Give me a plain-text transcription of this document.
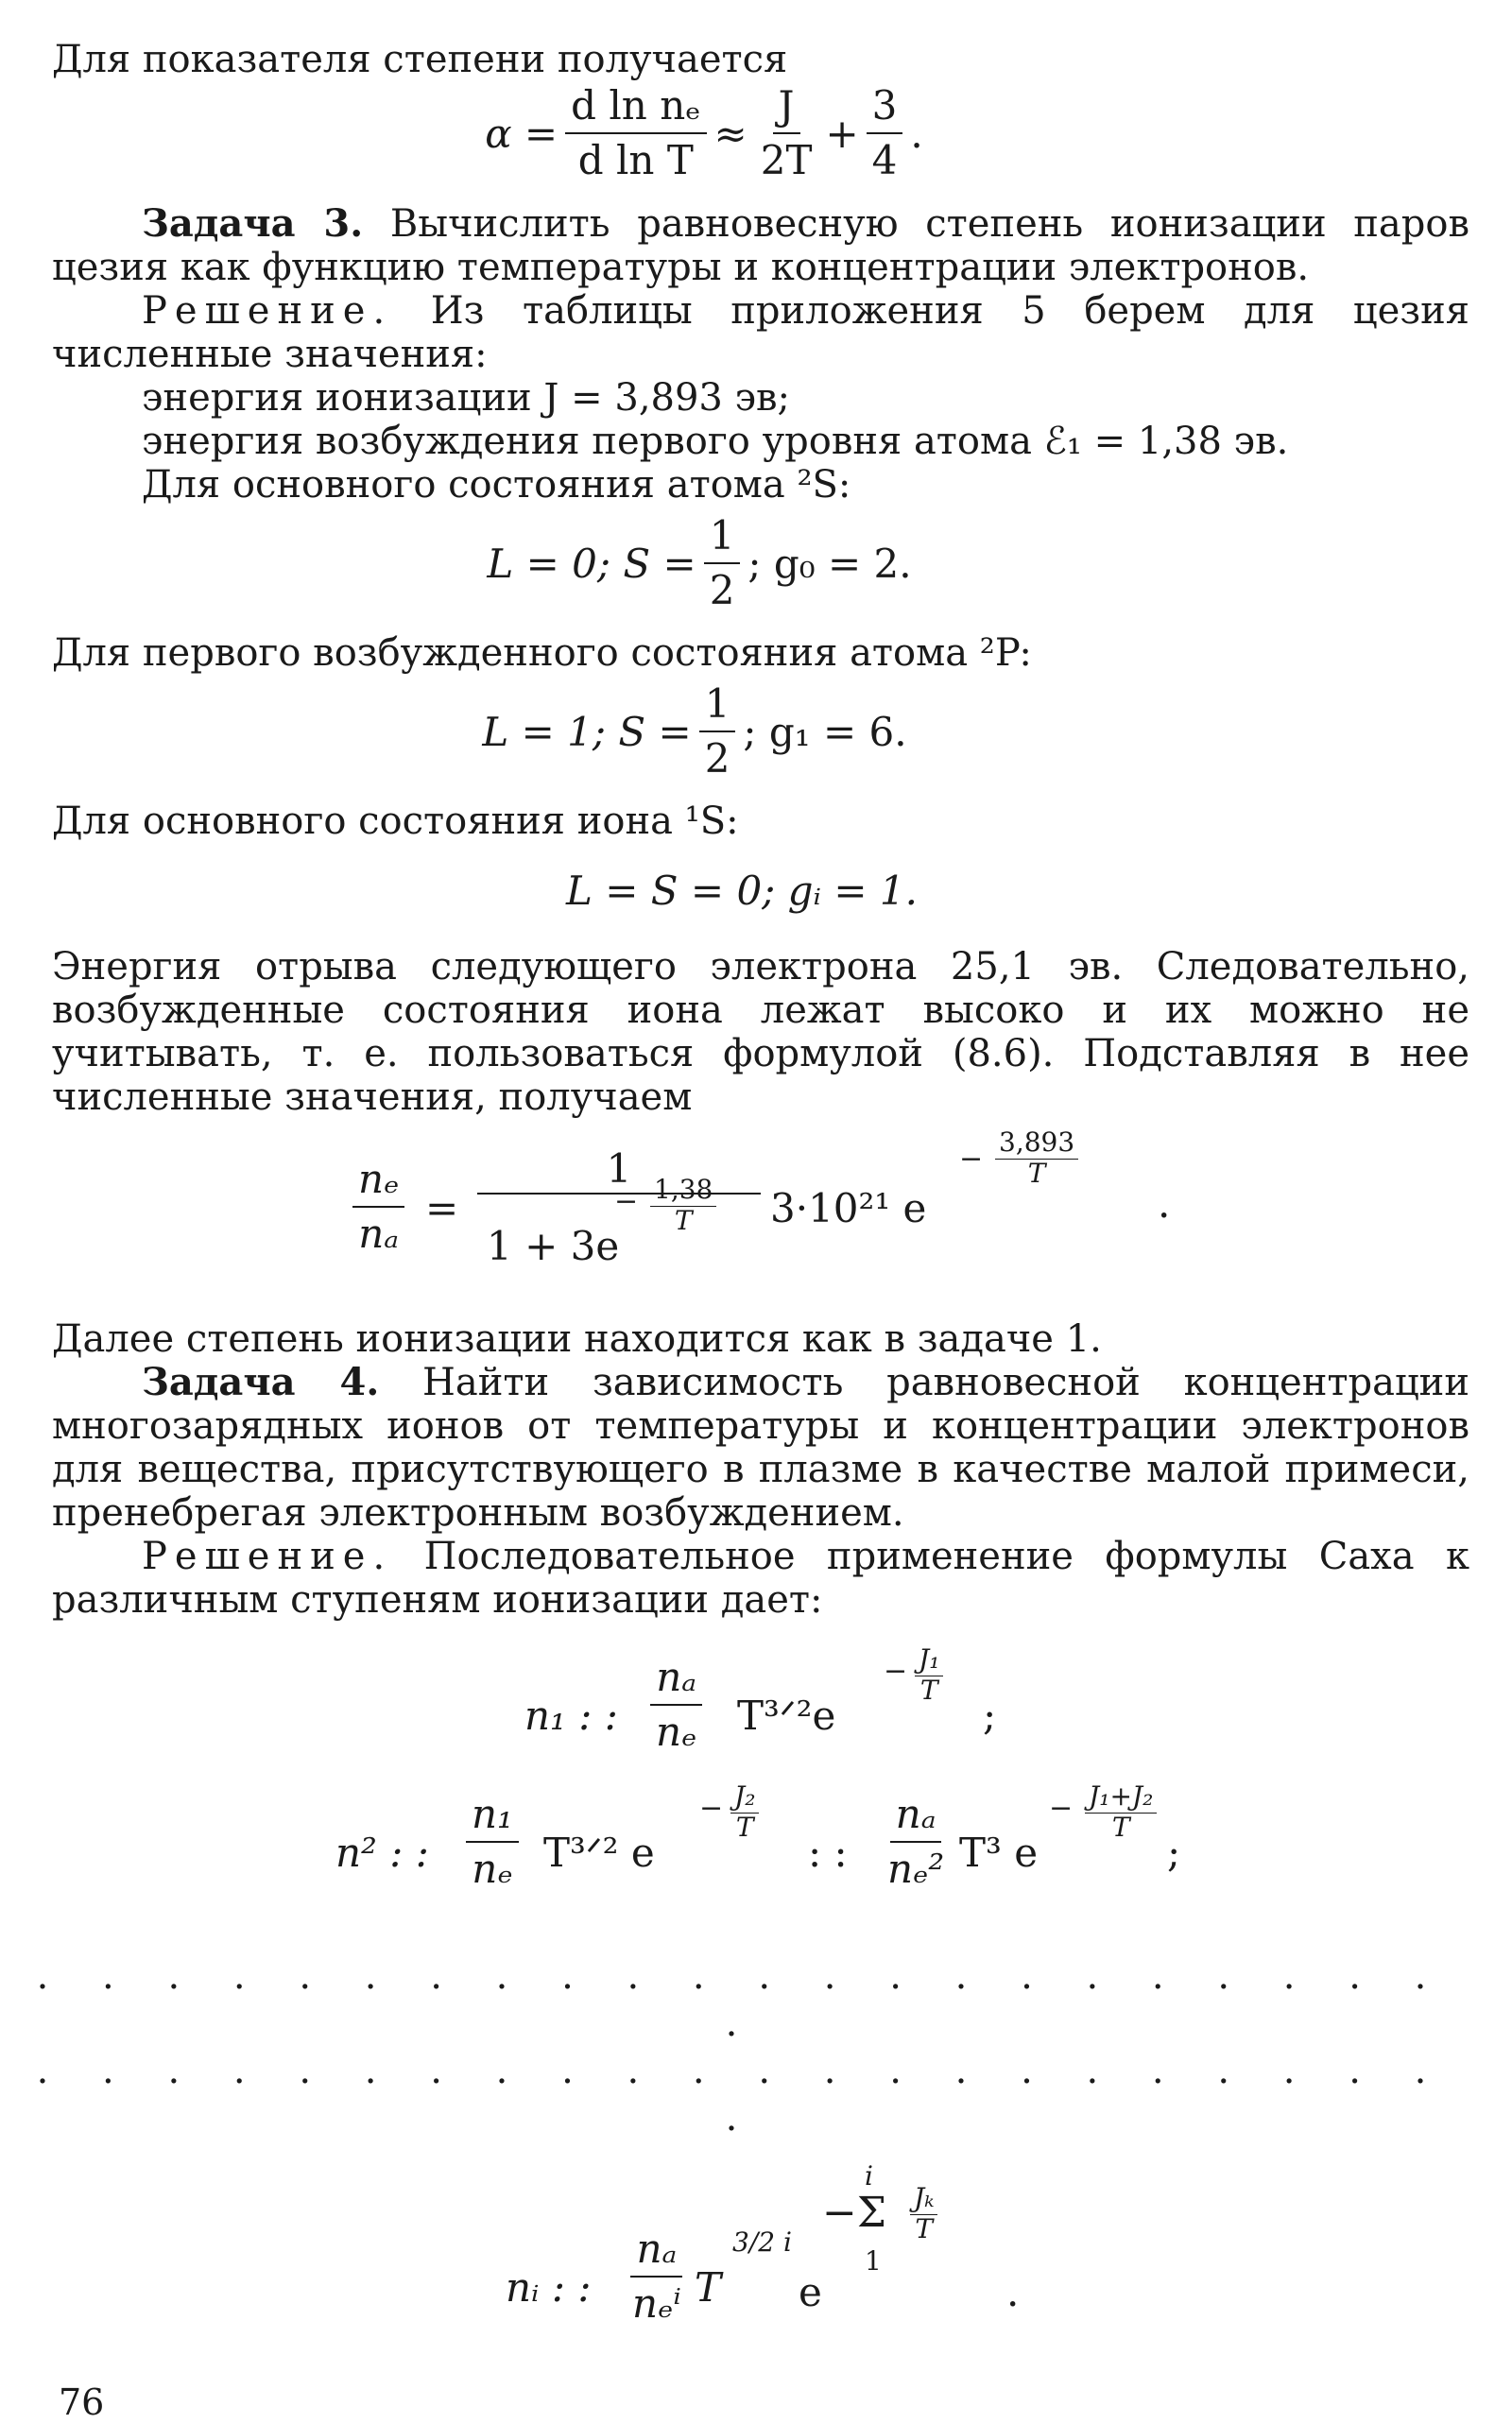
Для показателя степени получается

$\alpha = \frac{\text{d ln nₑ}}{\text{d ln T}} \approx \frac{J}{2T} + \frac{3}{4}$ .

Задача 3. Вычислить равновесную степень ионизации паров цезия как функцию температуры и концентрации электронов.

Решение. Из таблицы приложения 5 берем для цезия численные значения:

энергия ионизации J = 3,893 эв;

энергия возбуждения первого уровня атома ℰ₁ = 1,38 эв.

Для основного состояния атома ²S:

L = 0; $S = \frac{1}{2}$ ; g₀ = 2.

Для первого возбужденного состояния атома ²P:

L = 1; $S = \frac{1}{2}$ ; g₁ = 6.

Для основного состояния иона ¹S:

L = S = 0; gᵢ = 1.

Энергия отрыва следующего электрона 25,1 эв. Следовательно, возбужденные состояния иона лежат высоко и их можно не учитывать, т. е. пользоваться формулой (8.6). Подставляя в нее численные значения, получаем

$\frac{\text{nₑ}}{\text{nₐ}}$ =
1
1 + 3e
− $\frac{1,38}{T} 3\cdot 10^{21}$ e
− $\frac{3,893}{T}$
.

Далее степень ионизации находится как в задаче 1.

Задача 4. Найти зависимость равновесной концентрации многозарядных ионов от температуры и концентрации электронов для вещества, присутствующего в плазме в качестве малой примеси, пренебрегая электронным возбуждением.

Решение. Последовательное применение формулы Саха к различным ступеням ионизации дает:

n₁ : : $\frac{\text{nₐ}}{\text{nₑ}}$ T³ᐟ²e
− $\frac{\text{J₁}}{T}$
;
n² : : $\frac{\text{n₁}}{\text{nₑ}}$ T³ᐟ² e
− $\frac{\text{J₂}}{T}$
: : $\frac{\text{nₐ}}{\text{nₑ²}} T^3$ e
− $\frac{\text{J₁+J₂}}{T}$
;
. . . . . . . . . . . . . . . . . . . . . . .
. . . . . . . . . . . . . . . . . . . . . . .
nᵢ : :
nₐ
nₑⁱ T
3/2 i
e
i
−Σ
1
$\frac{\text{Jₖ}}{T}$
.
76
